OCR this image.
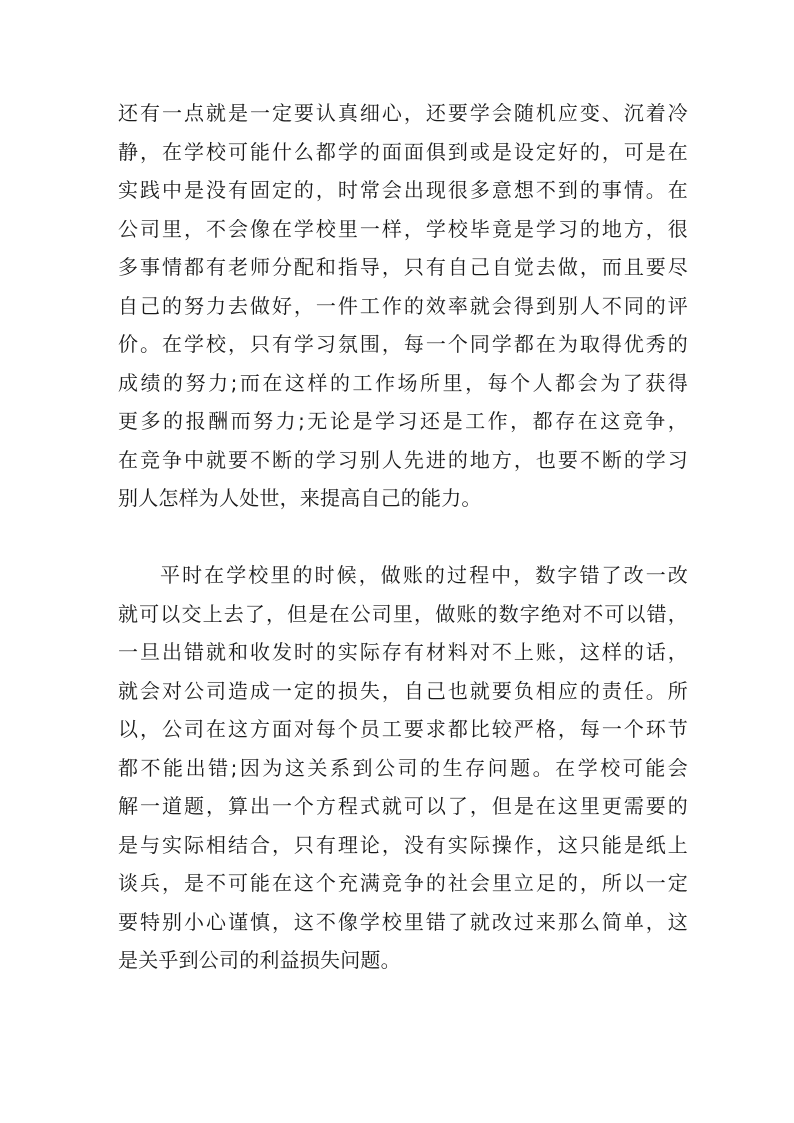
还有一点就是一定要认真细心，还要学会随机应变、沉着冷
静，在学校可能什么都学的面面俱到或是设定好的，可是在
实践中是没有固定的，时常会出现很多意想不到的事情。在
公司里，不会像在学校里一样，学校毕竟是学习的地方，很
多事情都有老师分配和指导，只有自己自觉去做，而且要尽
自己的努力去做好，一件工作的效率就会得到别人不同的评
价。在学校，只有学习氛围，每一个同学都在为取得优秀的
成绩的努力;而在这样的工作场所里，每个人都会为了获得
更多的报酬而努力;无论是学习还是工作，都存在这竞争，
在竞争中就要不断的学习别人先进的地方，也要不断的学习
别人怎样为人处世，来提高自己的能力。
平时在学校里的时候，做账的过程中，数字错了改一改
就可以交上去了，但是在公司里，做账的数字绝对不可以错，
一旦出错就和收发时的实际存有材料对不上账，这样的话，
就会对公司造成一定的损失，自己也就要负相应的责任。所
以，公司在这方面对每个员工要求都比较严格，每一个环节
都不能出错;因为这关系到公司的生存问题。在学校可能会
解一道题，算出一个方程式就可以了，但是在这里更需要的
是与实际相结合，只有理论，没有实际操作，这只能是纸上
谈兵，是不可能在这个充满竞争的社会里立足的，所以一定
要特别小心谨慎，这不像学校里错了就改过来那么简单，这
是关乎到公司的利益损失问题。
